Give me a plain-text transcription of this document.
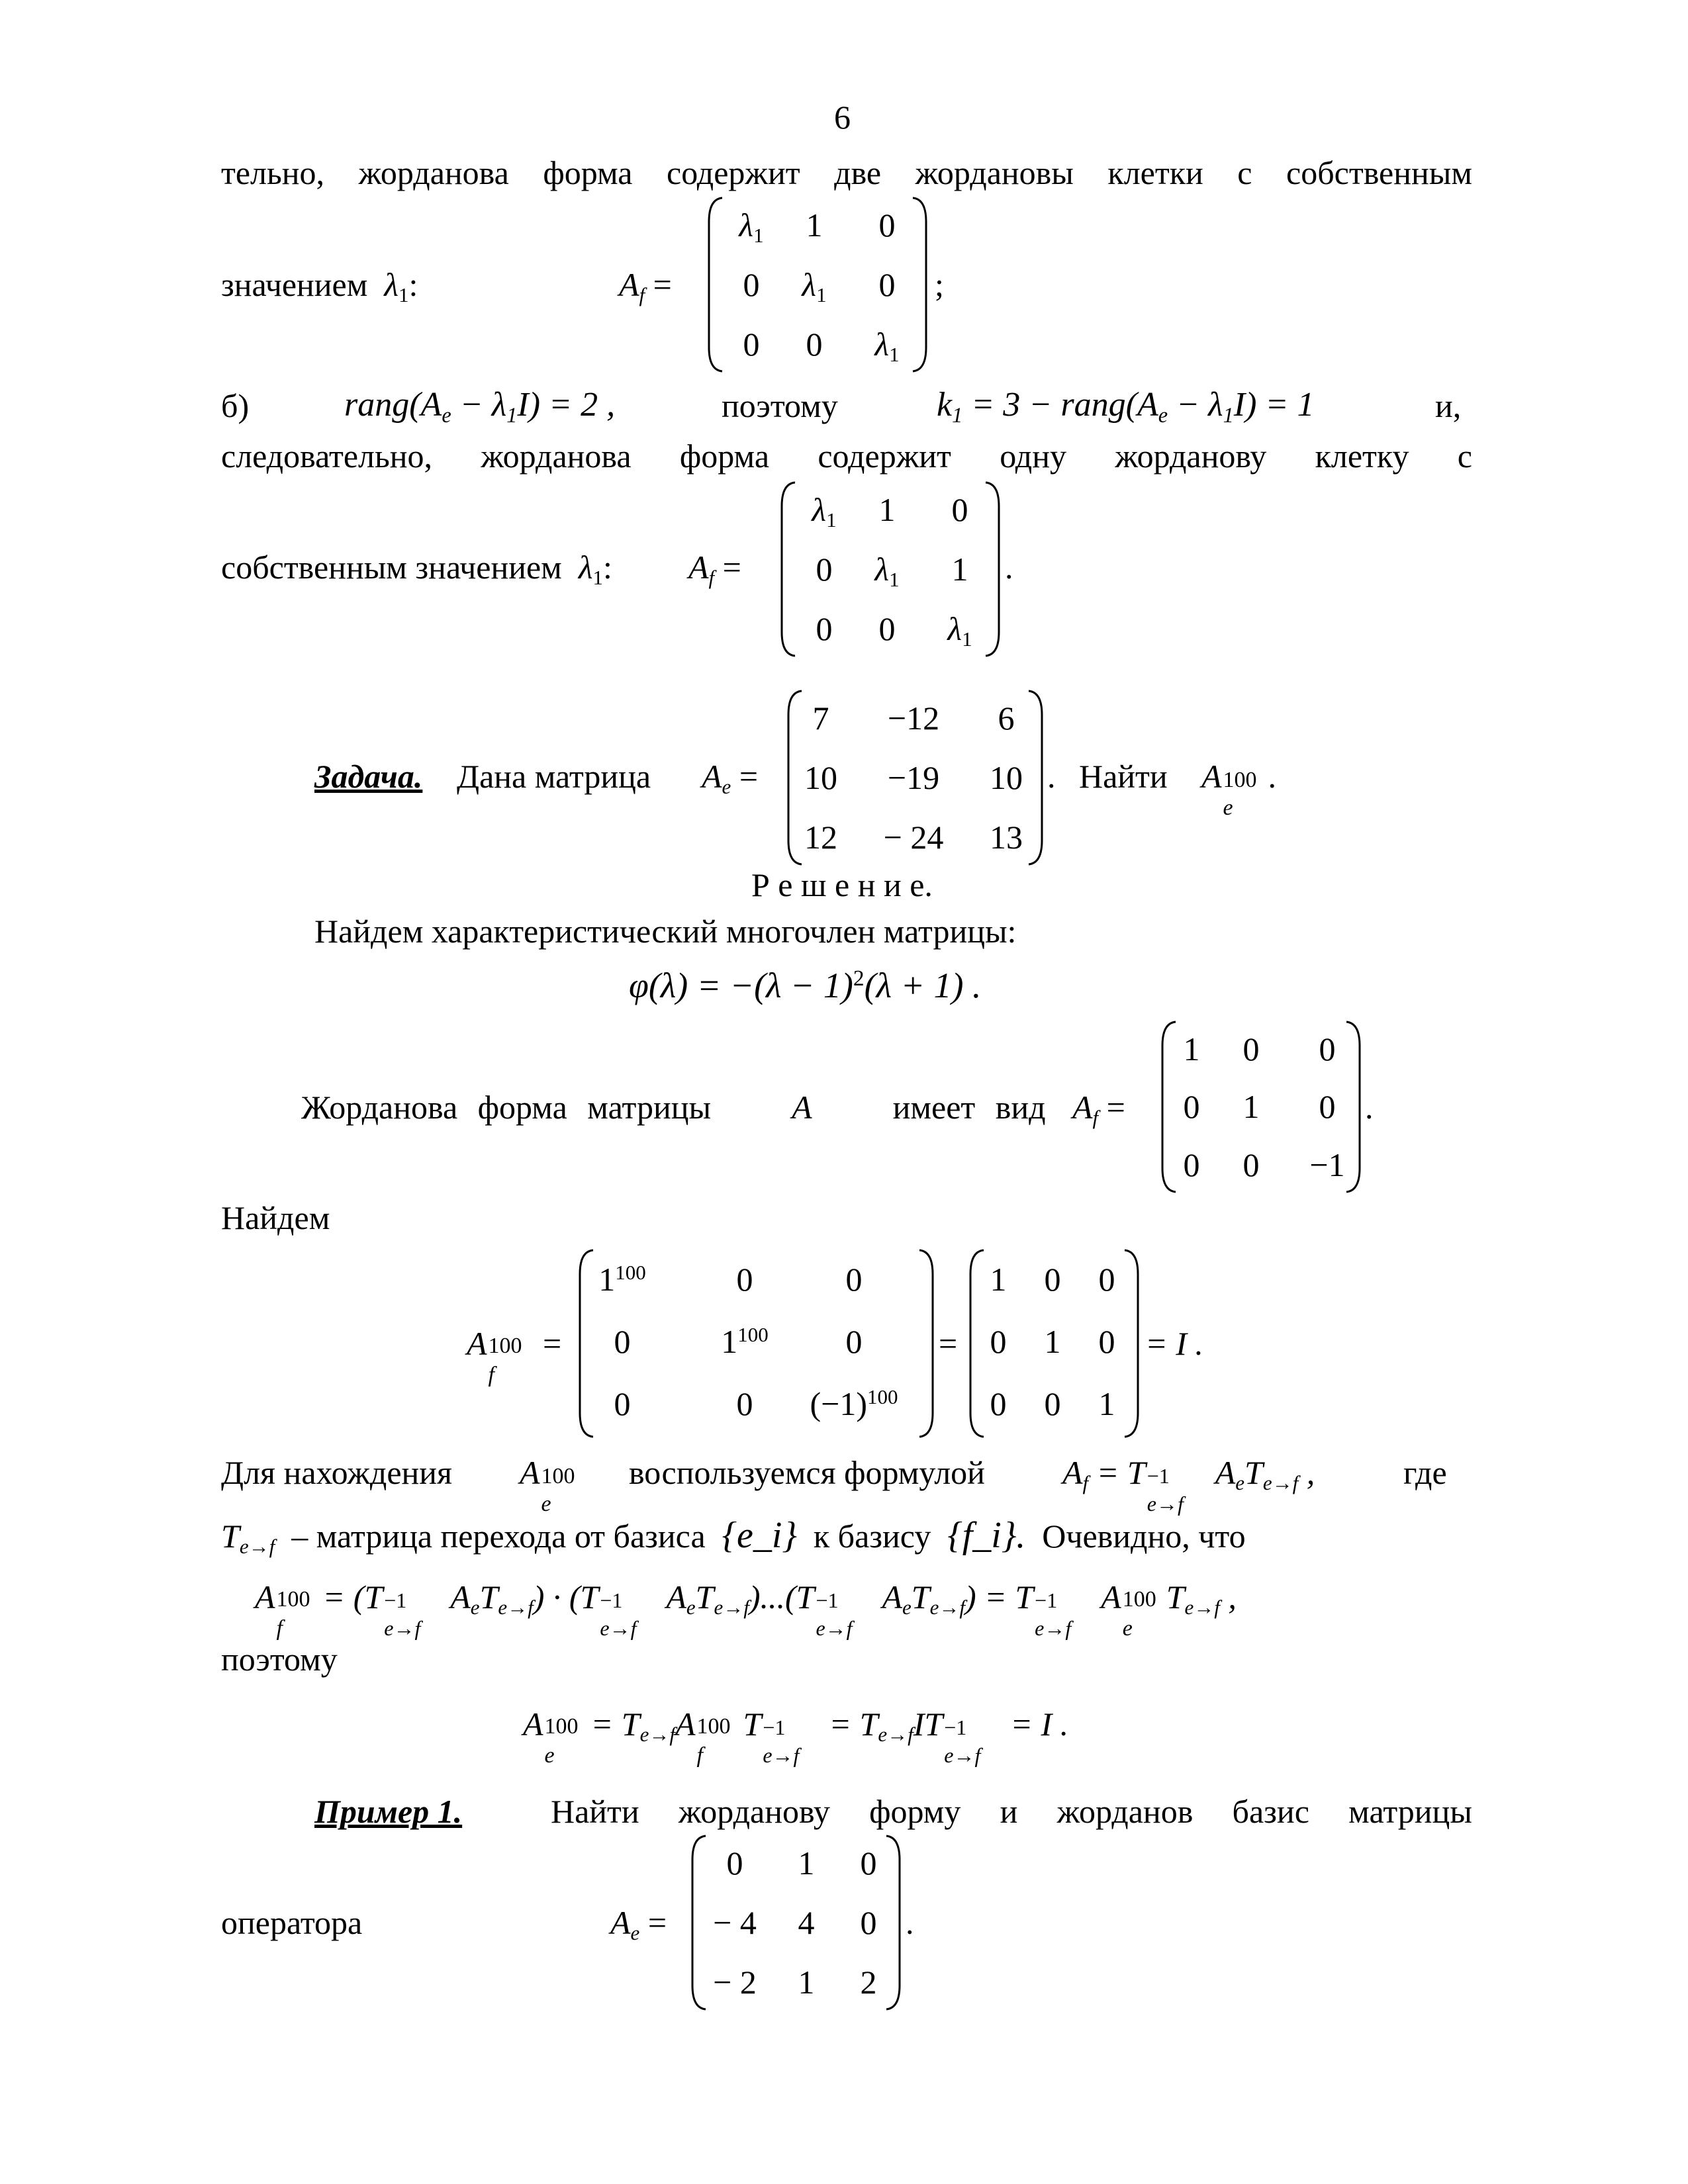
6
тельно, жорданова форма содержит две жордановы клетки с собственным
значением $\lambda_1$:	$A_f$ =
$\lambda_1$	1	0
0	$\lambda_1$	0
0	0	$\lambda_1$
;
б)	$rang(A_e - \lambda_1I) = 2$ ,	поэтому	$k_1 = 3$ − $rang(A_e - \lambda_1I) = 1$	и,
следовательно, жорданова форма содержит одну жорданову клетку с
собственным значением $\lambda_1$: $A_f$ =
$\lambda_1$	1	0
0	$\lambda_1$	1
0	0	$\lambda_1$
.
Задача. Дана матрица $A_e$ =
7	−12	6
10	−19	10
12	− 24	13
. Найти A 100
e
.
Р е ш е н и е.
Найдем характеристический многочлен матрицы:
$\varphi(\lambda) = -(\lambda - 1)^2(\lambda + 1)$ .
Жорданова форма матрицы A имеет вид $A_f$ =
1	0	0
0	1	0
0	0	−1
.
Найдем
A 100
f
=
$1^{100}$	0	0
0	$1^{100}$	0
0	0	$(-1)^{100}$
=
1	0	0
0	1	0
0	0	1
= I .
Для нахождения A 100
e
воспользуемся формулой $A_f = T -1$
e→f
$A_eT_{e\to f}$ ,	где
$T_{e\to f}$ – матрица перехода от базиса {e_i} к базису {f_i}. Очевидно, что
A 100
f
= (T −1
e→f
$A_eT_{e\to f}) \cdot (T -1$
e→f
$A_eT_{e\to f})...(T -1$
e→f
$A_eT_{e\to f}) = T -1$
e→f
A 100
e
$T_{e\to f}$ ,
поэтому
A 100
e
= $T_{e\to f}A$ 100
f
T −1
e→f
= $T_{e\to f}IT -1$
e→f
= I .
Пример 1.	Найти жорданову форму и жорданов базис матрицы
оператора	$A_e$ =
0	1	0
− 4	4	0
− 2	1	2
.
